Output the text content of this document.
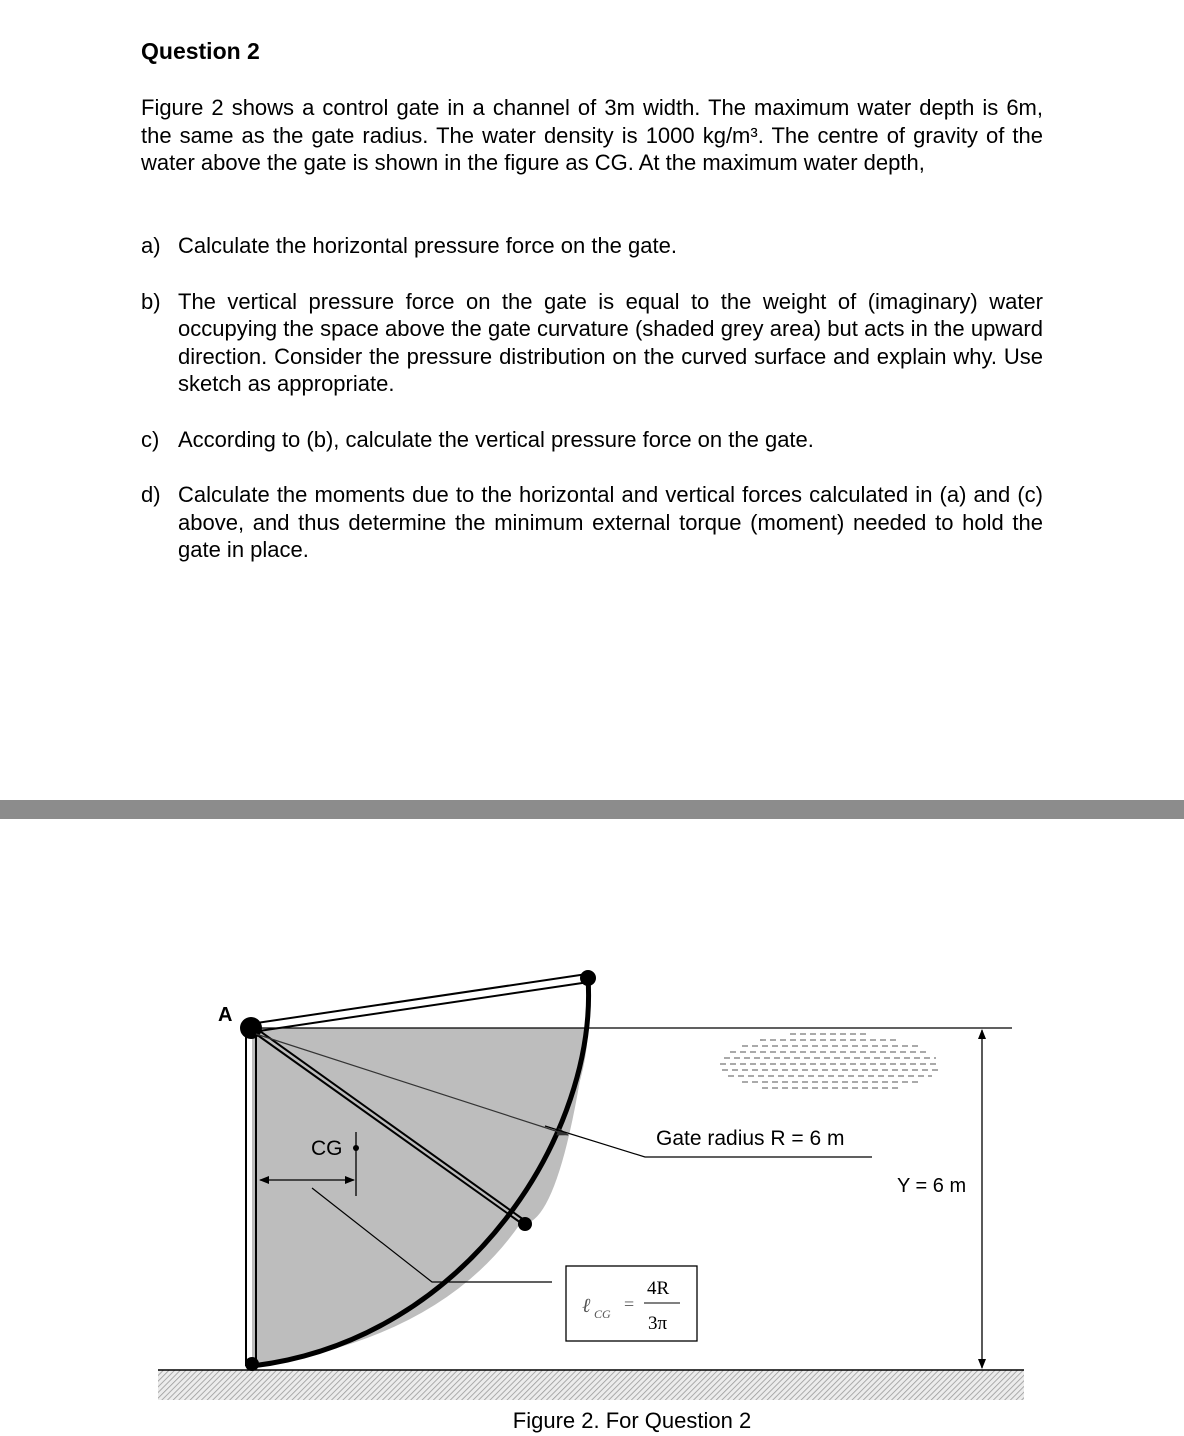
Question 2

Figure 2 shows a control gate in a channel of 3m width. The maximum water depth is 6m, the same as the gate radius. The water density is 1000 kg/m³. The centre of gravity of the water above the gate is shown in the figure as CG. At the maximum water depth,

a) Calculate the horizontal pressure force on the gate.
b) The vertical pressure force on the gate is equal to the weight of (imaginary) water occupying the space above the gate curvature (shaded grey area) but acts in the upward direction. Consider the pressure distribution on the curved surface and explain why. Use sketch as appropriate.
c) According to (b), calculate the vertical pressure force on the gate.
d) Calculate the moments due to the horizontal and vertical forces calculated in (a) and (c) above, and thus determine the minimum external torque (moment) needed to hold the gate in place.
Gate radius R = 6 m
A
CG
ℓ CG =
4R
3π
Y = 6 m
Figure 2. For Question 2
